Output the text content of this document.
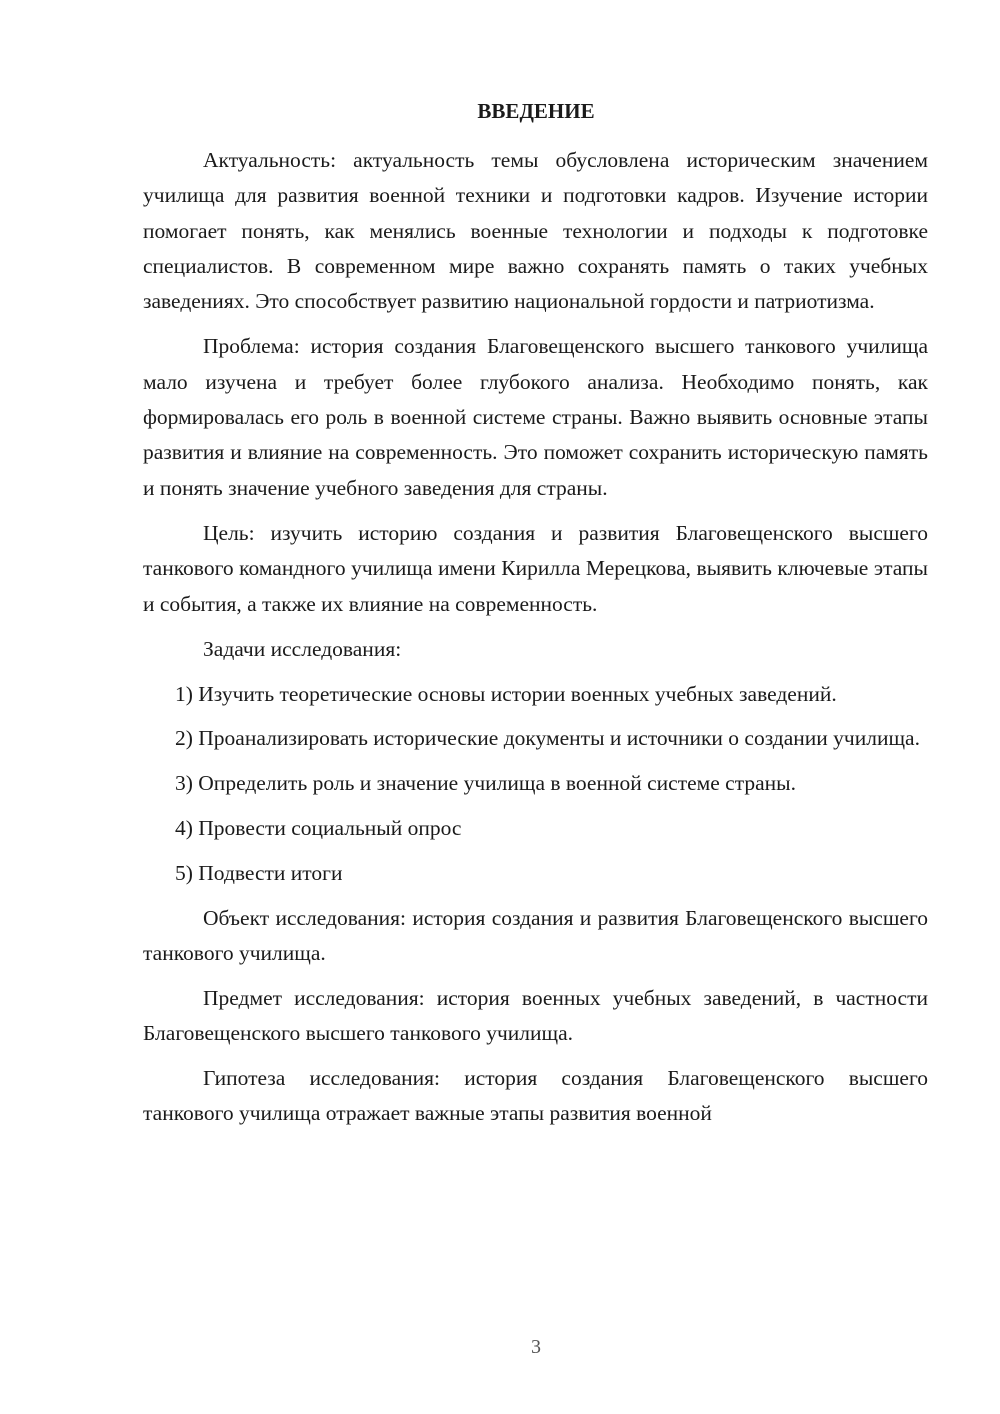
ВВЕДЕНИЕ

Актуальность: актуальность темы обусловлена историческим значением училища для развития военной техники и подготовки кадров. Изучение истории помогает понять, как менялись военные технологии и подходы к подготовке специалистов. В современном мире важно сохранять память о таких учебных заведениях. Это способствует развитию национальной гордости и патриотизма.

Проблема: история создания Благовещенского высшего танкового училища мало изучена и требует более глубокого анализа. Необходимо понять, как формировалась его роль в военной системе страны. Важно выявить основные этапы развития и влияние на современность. Это поможет сохранить историческую память и понять значение учебного заведения для страны.

Цель: изучить историю создания и развития Благовещенского высшего танкового командного училища имени Кирилла Мерецкова, выявить ключевые этапы и события, а также их влияние на современность.

Задачи исследования:

1) Изучить теоретические основы истории военных учебных заведений.

2) Проанализировать исторические документы и источники о создании училища.

3) Определить роль и значение училища в военной системе страны.

4) Провести социальный опрос

5) Подвести итоги

Объект исследования: история создания и развития Благовещенского высшего танкового училища.

Предмет исследования: история военных учебных заведений, в частности Благовещенского высшего танкового училища.

Гипотеза исследования: история создания Благовещенского высшего танкового училища отражает важные этапы развития военной

3
